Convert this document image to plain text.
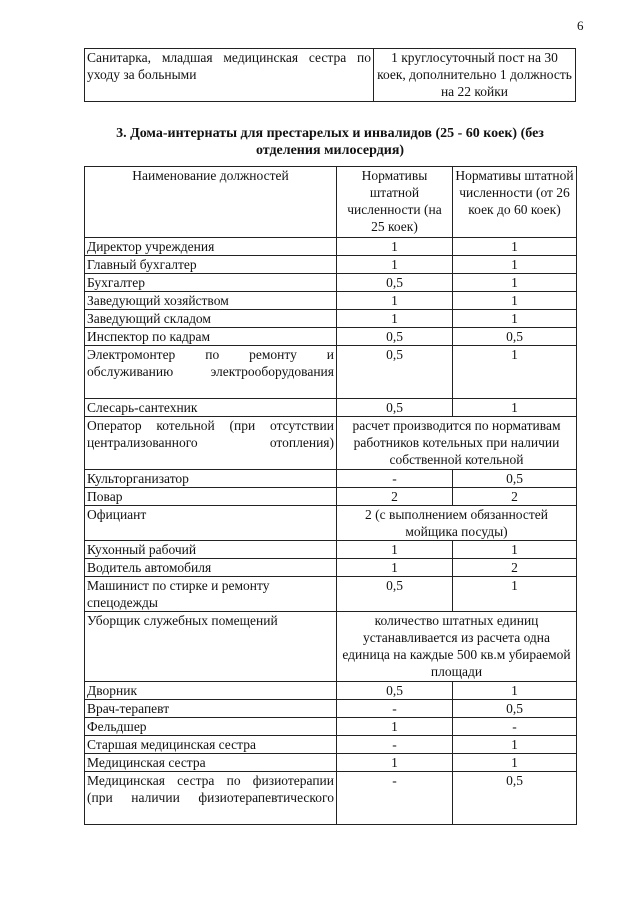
6
Санитарка, младшая медицинская сестра по уходу за больными	1 круглосуточный пост на 30 коек, дополнительно 1 должность на 22 койки
3. Дома-интернаты для престарелых и инвалидов (25 - 60 коек) (без отделения милосердия)
Наименование должностей	Нормативы штатной численности (на 25 коек)	Нормативы штатной численности (от 26 коек до 60 коек)
Директор учреждения	1	1
Главный бухгалтер	1	1
Бухгалтер	0,5	1
Заведующий хозяйством	1	1
Заведующий складом	1	1
Инспектор по кадрам	0,5	0,5
Электромонтер по ремонту и обслуживанию электрооборудования	0,5	1
Слесарь-сантехник	0,5	1
Оператор котельной (при отсутствии централизованного отопления)	расчет производится по нормативам работников котельных при наличии собственной котельной	
Культорганизатор	-	0,5
Повар	2	2
Официант	2 (с выполнением обязанностей мойщика посуды)	
Кухонный рабочий	1	1
Водитель автомобиля	1	2
Машинист по стирке и ремонту спецодежды	0,5	1
Уборщик служебных помещений	количество штатных единиц устанавливается из расчета одна единица на каждые 500 кв.м убираемой площади	
Дворник	0,5	1
Врач-терапевт	-	0,5
Фельдшер	1	-
Старшая медицинская сестра	-	1
Медицинская сестра	1	1
Медицинская сестра по физиотерапии (при наличии физиотерапевтического	-	0,5
